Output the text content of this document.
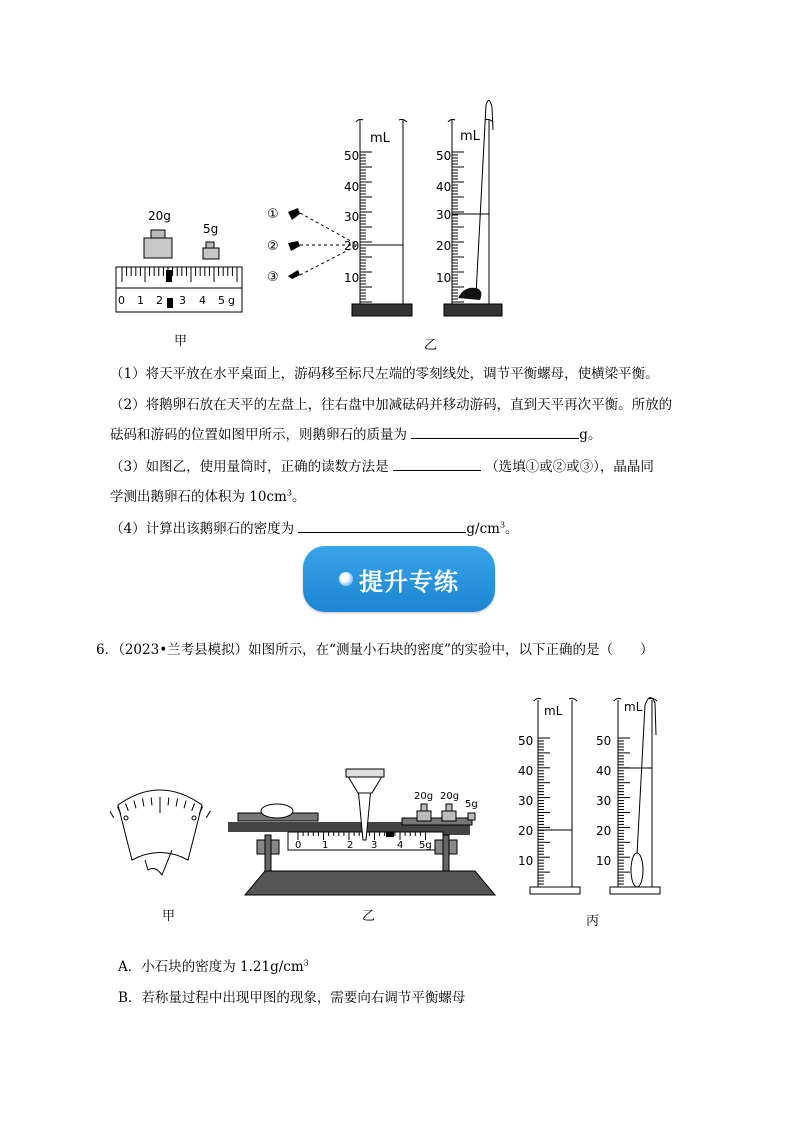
20g
5g
0 1 2 3 4 5 g
①
②
③
mL
50
40
30
20
10
mL
50
40
30
20
10
甲	乙
（1）将天平放在水平桌面上，游码移至标尺左端的零刻线处，调节平衡螺母，使横梁平衡。
（2）将鹅卵石放在天平的左盘上，往右盘中加减砝码并移动游码，直到天平再次平衡。所放的
砝码和游码的位置如图甲所示，则鹅卵石的质量为	g。
（3）如图乙，使用量筒时，正确的读数方法是	（选填①或②或③），晶晶同
学测出鹅卵石的体积为 $10cm^3$。
（4）计算出该鹅卵石的密度为	$g/cm^3$。
提升专练
6．（2023•兰考县模拟）如图所示，在“测量小石块的密度”的实验中，以下正确的是（　　）
20g 20g
5g
0 1 2 3 4 5g
mL
50
40
30
20
10
mL
50
40
30
20
10
甲	乙	丙
A．小石块的密度为 $1.21g/cm^3$
B．若称量过程中出现甲图的现象，需要向右调节平衡螺母
